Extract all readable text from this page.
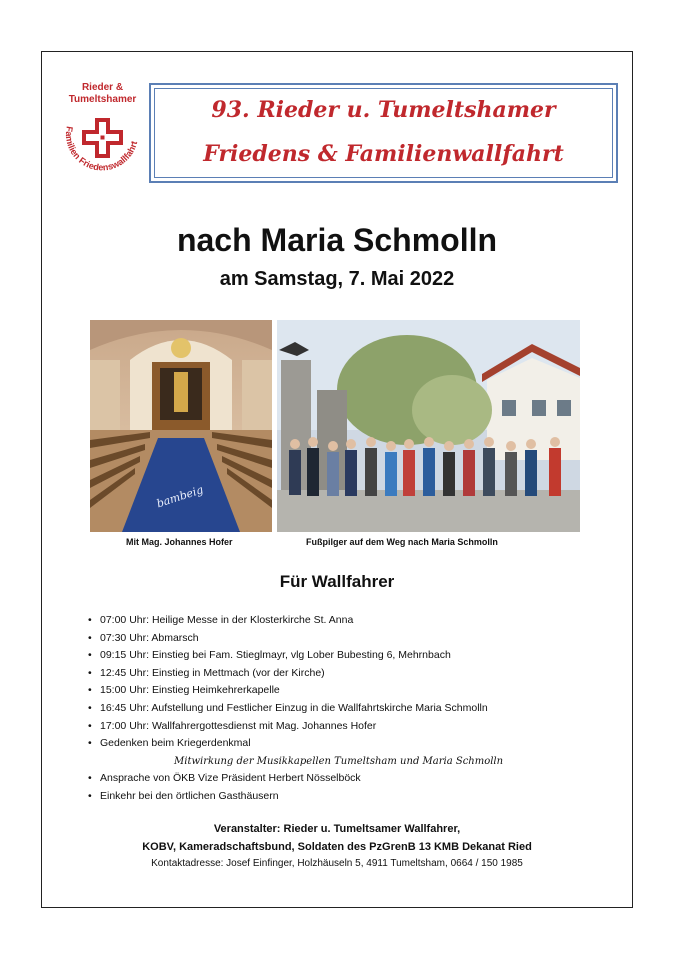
Rieder &
Tumeltshamer
Familien Friedenswallfahrt
93. Rieder u. Tumeltshamer
Friedens & Familienwallfahrt
nach Maria Schmolln
am Samstag, 7. Mai 2022
bambeig
Mit Mag. Johannes Hofer	Fußpilger auf dem Weg nach Maria Schmolln
Für Wallfahrer
• 07:00 Uhr: Heilige Messe in der Klosterkirche St. Anna
• 07:30 Uhr: Abmarsch
• 09:15 Uhr: Einstieg bei Fam. Stieglmayr, vlg Lober Bubesting 6, Mehrnbach
• 12:45 Uhr: Einstieg in Mettmach (vor der Kirche)
• 15:00 Uhr: Einstieg Heimkehrerkapelle
• 16:45 Uhr: Aufstellung und Festlicher Einzug in die Wallfahrtskirche Maria Schmolln
• 17:00 Uhr: Wallfahrergottesdienst mit Mag. Johannes Hofer
• Gedenken beim Kriegerdenkmal
Mitwirkung der Musikkapellen Tumeltsham und Maria Schmolln
• Ansprache von ÖKB Vize Präsident Herbert Nösselböck
• Einkehr bei den örtlichen Gasthäusern
Veranstalter: Rieder u. Tumeltsamer Wallfahrer,
KOBV, Kameradschaftsbund, Soldaten des PzGrenB 13 KMB Dekanat Ried
Kontaktadresse: Josef Einfinger, Holzhäuseln 5, 4911 Tumeltsham, 0664 / 150 1985
